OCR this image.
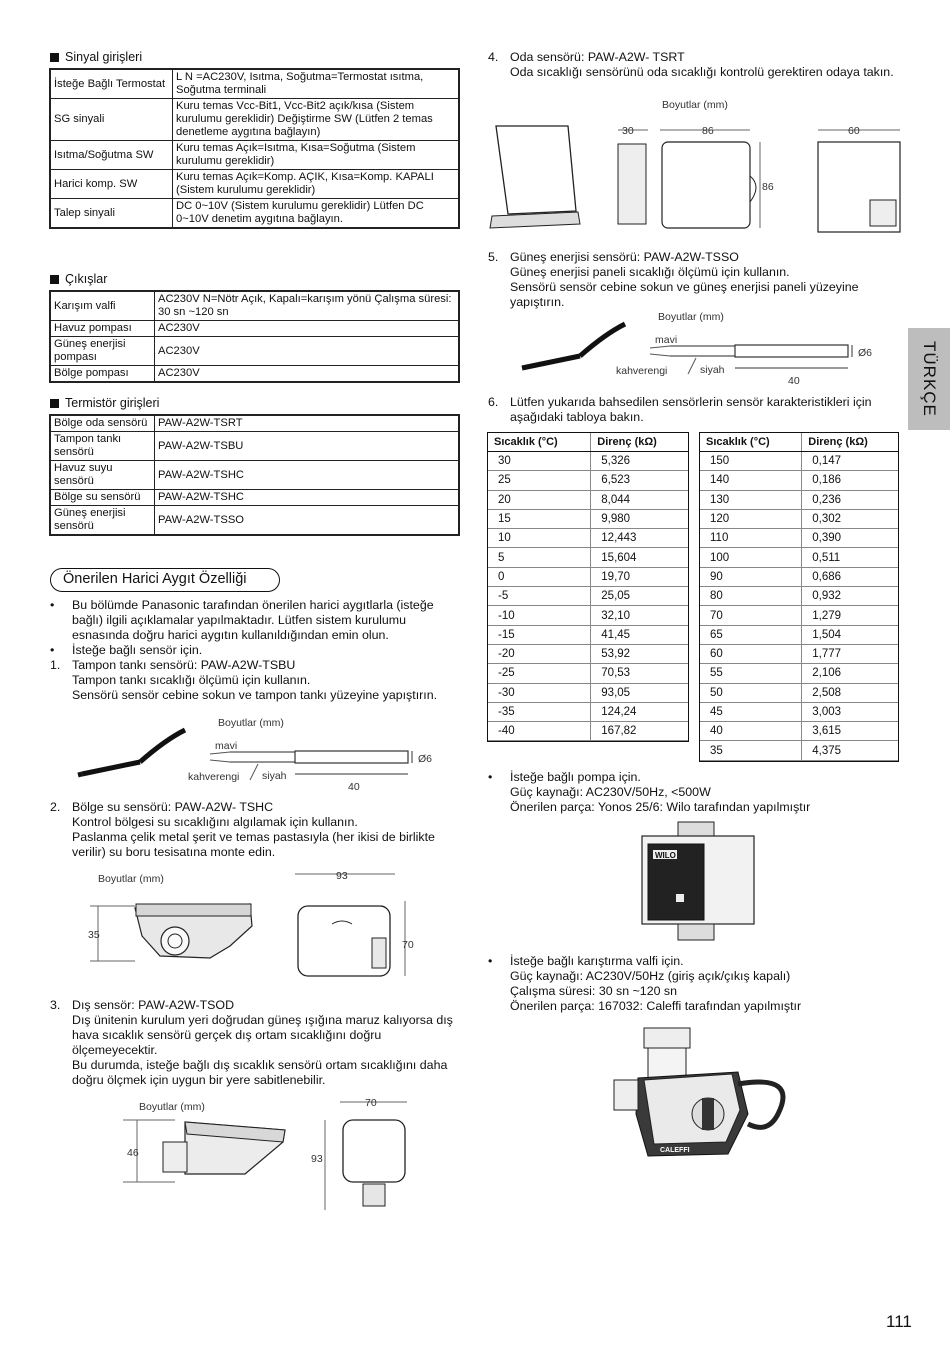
Sinyal girişleri
İsteğe Bağlı Termostat	L N =AC230V, Isıtma, Soğutma=Termostat ısıtma, Soğutma terminali
SG sinyali	Kuru temas Vcc-Bit1, Vcc-Bit2 açık/kısa (Sistem kurulumu gereklidir) Değiştirme SW (Lütfen 2 temas denetleme aygıtına bağlayın)
Isıtma/Soğutma SW	Kuru temas Açık=Isıtma, Kısa=Soğutma (Sistem kurulumu gereklidir)
Harici komp. SW	Kuru temas Açık=Komp. AÇIK, Kısa=Komp. KAPALI (Sistem kurulumu gereklidir)
Talep sinyali	DC 0~10V (Sistem kurulumu gereklidir) Lütfen DC 0~10V denetim aygıtına bağlayın.
Çıkışlar
Karışım valfi	AC230V N=Nötr Açık, Kapalı=karışım yönü Çalışma süresi: 30 sn ~120 sn
Havuz pompası	AC230V
Güneş enerjisi pompası	AC230V
Bölge pompası	AC230V
Termistör girişleri
Bölge oda sensörü	PAW-A2W-TSRT
Tampon tankı sensörü	PAW-A2W-TSBU
Havuz suyu sensörü	PAW-A2W-TSHC
Bölge su sensörü	PAW-A2W-TSHC
Güneş enerjisi sensörü	PAW-A2W-TSSO
Önerilen Harici Aygıt Özelliği
•	Bu bölümde Panasonic tarafından önerilen harici aygıtlarla (isteğe bağlı) ilgili açıklamalar yapılmaktadır. Lütfen sistem kurulumu esnasında doğru harici aygıtın kullanıldığından emin olun.
•	İsteğe bağlı sensör için.
1. Tampon tankı sensörü: PAW-A2W-TSBU
Tampon tankı sıcaklığı ölçümü için kullanın.
Sensörü sensör cebine sokun ve tampon tankı yüzeyine yapıştırın.
Boyutlar (mm)
mavi
kahverengi siyah
Ø6
40
2. Bölge su sensörü: PAW-A2W- TSHC
Kontrol bölgesi su sıcaklığını algılamak için kullanın.
Paslanma çelik metal şerit ve temas pastasıyla (her ikisi de birlikte verilir) su boru tesisatına monte edin.
Boyutlar (mm)
35
93
70
3. Dış sensör: PAW-A2W-TSOD
Dış ünitenin kurulum yeri doğrudan güneş ışığına maruz kalıyorsa dış hava sıcaklık sensörü gerçek dış ortam sıcaklığını doğru ölçemeyecektir.
Bu durumda, isteğe bağlı dış sıcaklık sensörü ortam sıcaklığını daha doğru ölçmek için uygun bir yere sabitlenebilir.
Boyutlar (mm)
46
70
93
4. Oda sensörü: PAW-A2W- TSRT
Oda sıcaklığı sensörünü oda sıcaklığı kontrolü gerektiren odaya takın.
Boyutlar (mm)
30	86
86
60
5. Güneş enerjisi sensörü: PAW-A2W-TSSO
Güneş enerjisi paneli sıcaklığı ölçümü için kullanın.
Sensörü sensör cebine sokun ve güneş enerjisi paneli yüzeyine yapıştırın.
Boyutlar (mm)
mavi
kahverengi	siyah
Ø6
40
6. Lütfen yukarıda bahsedilen sensörlerin sensör karakteristikleri için aşağıdaki tabloya bakın.
Sıcaklık (°C)	Direnç (kΩ)
30	5,326
25	6,523
20	8,044
15	9,980
10	12,443
5	15,604
0	19,70
-5	25,05
-10	32,10
-15	41,45
-20	53,92
-25	70,53
-30	93,05
-35	124,24
-40	167,82
Sıcaklık (°C)	Direnç (kΩ)
150	0,147
140	0,186
130	0,236
120	0,302
110	0,390
100	0,511
90	0,686
80	0,932
70	1,279
65	1,504
60	1,777
55	2,106
50	2,508
45	3,003
40	3,615
35	4,375
•	İsteğe bağlı pompa için.
Güç kaynağı: AC230V/50Hz, <500W
Önerilen parça: Yonos 25/6: Wilo tarafından yapılmıştır
WILO
•	İsteğe bağlı karıştırma valfi için.
Güç kaynağı: AC230V/50Hz (giriş açık/çıkış kapalı)
Çalışma süresi: 30 sn ~120 sn
Önerilen parça: 167032: Caleffi tarafından yapılmıştır
CALEFFI
TÜRKÇE
111
